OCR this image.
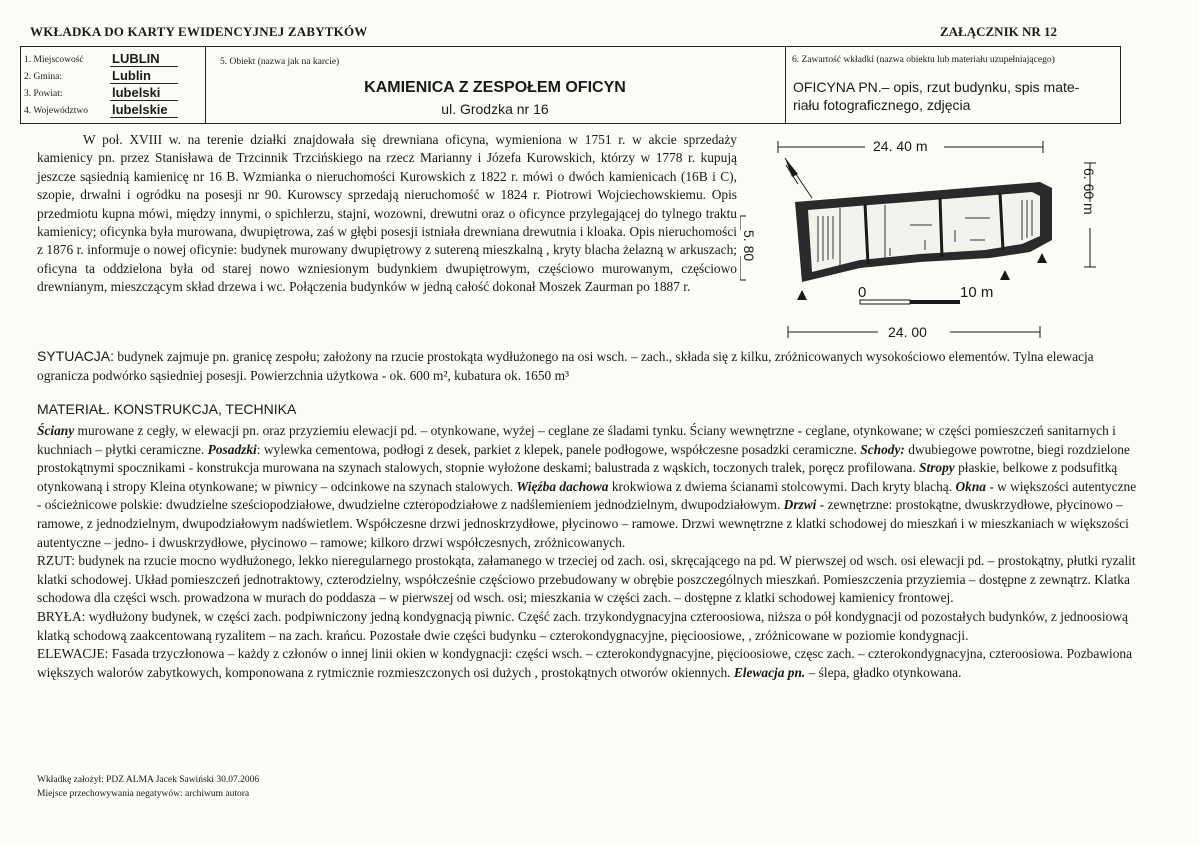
WKŁADKA DO KARTY EWIDENCYJNEJ ZABYTKÓW	ZAŁĄCZNIK NR 12
1. Miejscowość LUBLIN
2. Gmina:	Lublin
3. Powiat:	lubelski
4. Województwo lubelskie
5. Obiekt (nazwa jak na karcie)
KAMIENICA Z ZESPOŁEM OFICYN
ul. Grodzka nr 16
6. Zawartość wkładki (nazwa obiektu lub materiału uzupełniającego)
OFICYNA PN.– opis, rzut budynku, spis mate-
riału fotograficznego, zdjęcia

W poł. XVIII w. na terenie działki znajdowała się drewniana oficyna, wymieniona w 1751 r. w akcie sprzedaży kamienicy pn. przez Stanisława de Trzcinnik Trzcińskiego na rzecz Marianny i Józefa Kurowskich, którzy w 1778 r. kupują jeszcze sąsiednią kamienicę nr 16 B. Wzmianka o nieruchomości Kurowskich z 1822 r. mówi o dwóch kamienicach (16B i C), szopie, drwalni i ogródku na posesji nr 90. Kurowscy sprzedają nieruchomość w 1824 r. Piotrowi Wojciechowskiemu. Opis przedmiotu kupna mówi, między innymi, o spichlerzu, stajni, wozowni, drewutni oraz o oficynce przylegającej do tylnego traktu kamienicy; oficynka była murowana, dwupiętrowa, zaś w głębi posesji istniała drewniana drewutnia i kloaka. Opis nieruchomości z 1876 r. informuje o nowej oficynie: budynek murowany dwupiętrowy z sutereną mieszkalną , kryty blacha żelazną w arkuszach; oficyna ta oddzielona była od starej nowo wzniesionym budynkiem dwupiętrowym, częściowo murowanym, częściowo drewnianym, mieszczącym skład drzewa i wc. Połączenia budynków w jedną całość dokonał Moszek Zaurman po 1887 r.

24. 40 m
6. 60 m
5. 80
24. 00
0	10 m

SYTUACJA: budynek zajmuje pn. granicę zespołu; założony na rzucie prostokąta wydłużonego na osi wsch. – zach., składa się z kilku, zróżnicowanych wysokościowo elementów. Tylna elewacja ogranicza podwórko sąsiedniej posesji. Powierzchnia użytkowa - ok. 600 m², kubatura ok. 1650 m³

MATERIAŁ. KONSTRUKCJA, TECHNIKA

Ściany murowane z cegły, w elewacji pn. oraz przyziemiu elewacji pd. – otynkowane, wyżej – ceglane ze śladami tynku. Ściany wewnętrzne - ceglane, otynkowane; w części pomieszczeń sanitarnych i kuchniach – płytki ceramiczne. Posadzki: wylewka cementowa, podłogi z desek, parkiet z klepek, panele podłogowe, współczesne posadzki ceramiczne. Schody: dwubiegowe powrotne, biegi rozdzielone prostokątnymi spocznikami - konstrukcja murowana na szynach stalowych, stopnie wyłożone deskami; balustrada z wąskich, toczonych tralek, poręcz profilowana. Stropy płaskie, belkowe z podsufitką otynkowaną i stropy Kleina otynkowane; w piwnicy – odcinkowe na szynach stalowych. Więźba dachowa krokwiowa z dwiema ścianami stolcowymi. Dach kryty blachą. Okna - w większości autentyczne - ościeżnicowe polskie: dwudzielne sześciopodziałowe, dwudzielne czteropodziałowe z nadślemieniem jednodzielnym, dwupodziałowym. Drzwi - zewnętrzne: prostokątne, dwuskrzydłowe, płycinowo – ramowe, z jednodzielnym, dwupodziałowym nadświetlem. Współczesne drzwi jednoskrzydłowe, płycinowo – ramowe. Drzwi wewnętrzne z klatki schodowej do mieszkań i w mieszkaniach w większości autentyczne – jedno- i dwuskrzydłowe, płycinowo – ramowe; kilkoro drzwi współczesnych, zróżnicowanych.

RZUT: budynek na rzucie mocno wydłużonego, lekko nieregularnego prostokąta, załamanego w trzeciej od zach. osi, skręcającego na pd. W pierwszej od wsch. osi elewacji pd. – prostokątny, płutki ryzalit klatki schodowej. Układ pomieszczeń jednotraktowy, czterodzielny, współcześnie częściowo przebudowany w obrębie poszczególnych mieszkań. Pomieszczenia przyziemia – dostępne z zewnątrz. Klatka schodowa dla części wsch. prowadzona w murach do poddasza – w pierwszej od wsch. osi; mieszkania w części zach. – dostępne z klatki schodowej kamienicy frontowej.

BRYŁA: wydłużony budynek, w części zach. podpiwniczony jedną kondygnacją piwnic. Część zach. trzykondygnacyjna czteroosiowa, niższa o pół kondygnacji od pozostałych budynków, z jednoosiową klatką schodową zaakcentowaną ryzalitem – na zach. krańcu. Pozostałe dwie części budynku – czterokondygnacyjne, pięcioosiowe, , zróżnicowane w poziomie kondygnacji.

ELEWACJE: Fasada trzyczłonowa – każdy z członów o innej linii okien w kondygnacji: części wsch. – czterokondygnacyjne, pięcioosiowe, częsc zach. – czterokondygnacyjna, czteroosiowa. Pozbawiona większych walorów zabytkowych, komponowana z rytmicznie rozmieszczonych osi dużych , prostokątnych otworów okiennych. Elewacja pn. – ślepa, gładko otynkowana.

Wkładkę założył: PDZ ALMA Jacek Sawiński 30.07.2006
Miejsce przechowywania negatywów: archiwum autora
